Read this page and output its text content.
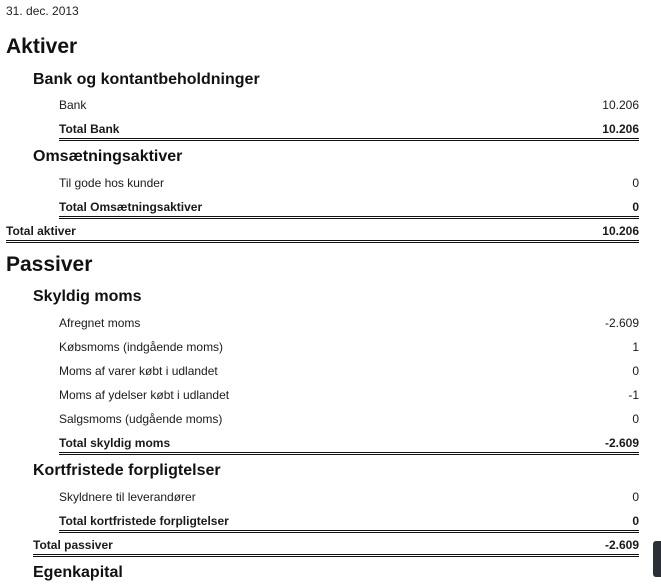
31. dec. 2013
Aktiver
Bank og kontantbeholdninger
Bank	10.206
Total Bank	10.206
Omsætningsaktiver
Til gode hos kunder	0
Total Omsætningsaktiver	0
Total aktiver	10.206
Passiver
Skyldig moms
Afregnet moms	-2.609
Købsmoms (indgående moms)	1
Moms af varer købt i udlandet	0
Moms af ydelser købt i udlandet	-1
Salgsmoms (udgående moms)	0
Total skyldig moms	-2.609
Kortfristede forpligtelser
Skyldnere til leverandører	0
Total kortfristede forpligtelser	0
Total passiver	-2.609
Egenkapital
